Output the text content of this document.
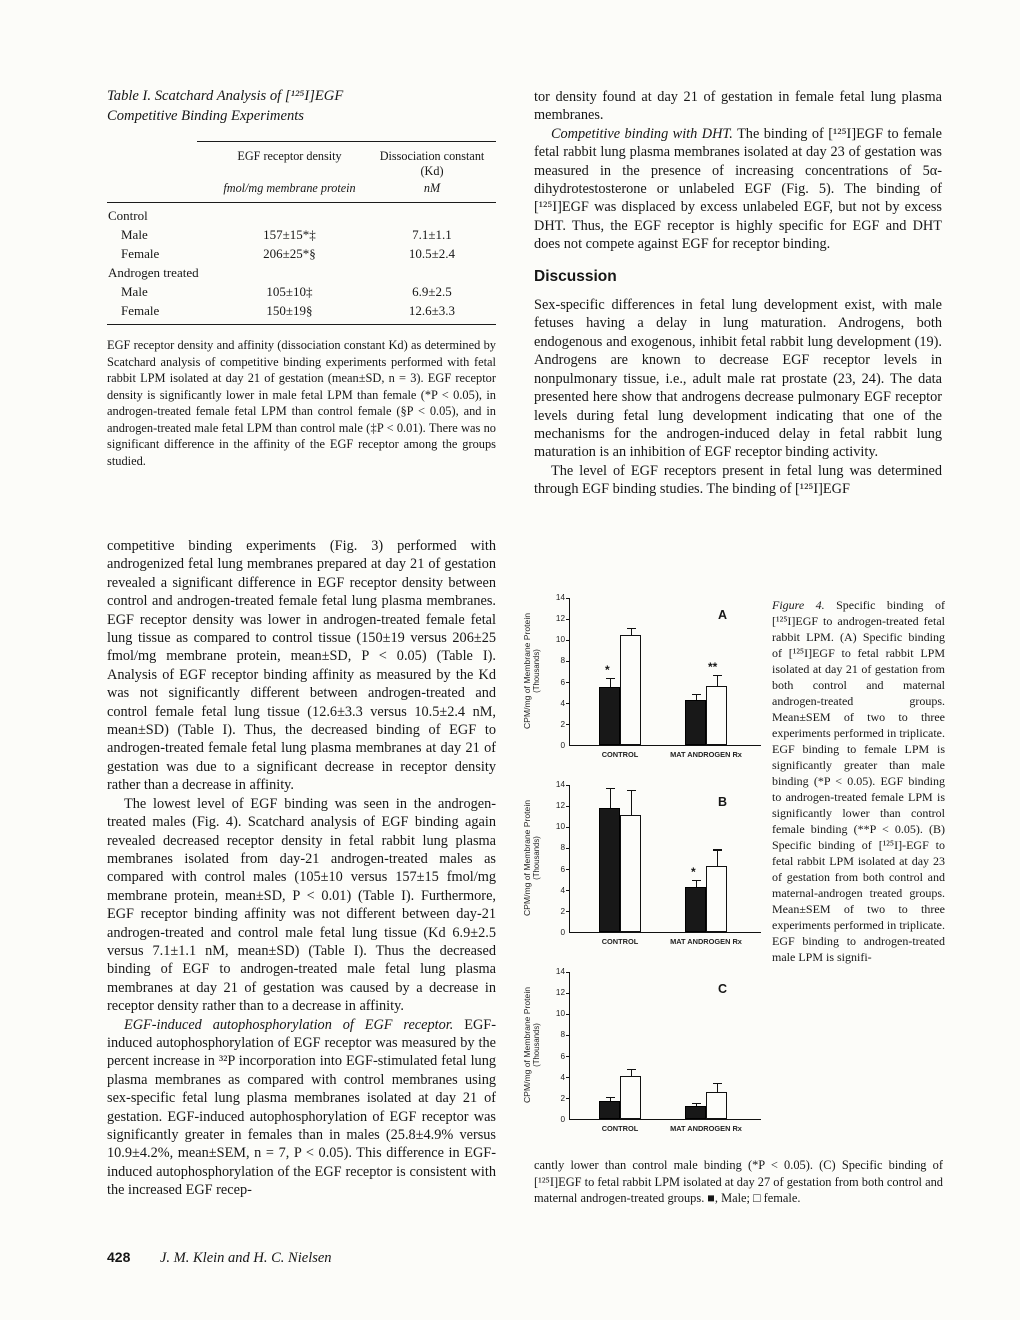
Table I. Scatchard Analysis of [¹²⁵I]EGF
Competitive Binding Experiments
EGF receptor density	Dissociation constant (Kd)
fmol/mg membrane protein	nM
Control
Male	157±15*‡	7.1±1.1
Female	206±25*§	10.5±2.4
Androgen treated
Male	105±10‡	6.9±2.5
Female	150±19§	12.6±3.3

EGF receptor density and affinity (dissociation constant Kd) as determined by Scatchard analysis of competitive binding experiments performed with fetal rabbit LPM isolated at day 21 of gestation (mean±SD, n = 3). EGF receptor density is significantly lower in male fetal LPM than female (*P < 0.05), in androgen-treated female fetal LPM than control female (§P < 0.05), and in androgen-treated male fetal LPM than control male (‡P < 0.01). There was no significant difference in the affinity of the EGF receptor among the groups studied.

competitive binding experiments (Fig. 3) performed with androgenized fetal lung membranes prepared at day 21 of gestation revealed a significant difference in EGF receptor density between control and androgen-treated female fetal lung plasma membranes. EGF receptor density was lower in androgen-treated female fetal lung tissue as compared to control tissue (150±19 versus 206±25 fmol/mg membrane protein, mean±SD, P < 0.05) (Table I). Analysis of EGF receptor binding affinity as measured by the Kd was not significantly different between androgen-treated and control female fetal lung tissue (12.6±3.3 versus 10.5±2.4 nM, mean±SD) (Table I). Thus, the decreased binding of EGF to androgen-treated female fetal lung plasma membranes at day 21 of gestation was due to a significant decrease in receptor density rather than a decrease in affinity.

The lowest level of EGF binding was seen in the androgen-treated males (Fig. 4). Scatchard analysis of EGF binding again revealed decreased receptor density in fetal rabbit lung plasma membranes isolated from day-21 androgen-treated males as compared with control males (105±10 versus 157±15 fmol/mg membrane protein, mean±SD, P < 0.01) (Table I). Furthermore, EGF receptor binding affinity was not different between day-21 androgen-treated and control male fetal lung tissue (Kd 6.9±2.5 versus 7.1±1.1 nM, mean±SD) (Table I). Thus the decreased binding of EGF to androgen-treated male fetal lung plasma membranes at day 21 of gestation was caused by a decrease in receptor density rather than to a decrease in affinity.

EGF-induced autophosphorylation of EGF receptor. EGF-induced autophosphorylation of EGF receptor was measured by the percent increase in ³²P incorporation into EGF-stimulated fetal lung plasma membranes as compared with control membranes using sex-specific fetal lung plasma membranes isolated at day 21 of gestation. EGF-induced autophosphorylation of EGF receptor was significantly greater in females than in males (25.8±4.9% versus 10.9±4.2%, mean±SEM, n = 7, P < 0.05). This difference in EGF-induced autophosphorylation of the EGF receptor is consistent with the increased EGF recep-

tor density found at day 21 of gestation in female fetal lung plasma membranes.

Competitive binding with DHT. The binding of [¹²⁵I]EGF to female fetal rabbit lung plasma membranes isolated at day 23 of gestation was measured in the presence of increasing concentrations of 5α-dihydrotestosterone or unlabeled EGF (Fig. 5). The binding of [¹²⁵I]EGF was displaced by excess unlabeled EGF, but not by excess DHT. Thus, the EGF receptor is highly specific for EGF and DHT does not compete against EGF for receptor binding.

Discussion

Sex-specific differences in fetal lung development exist, with male fetuses having a delay in lung maturation. Androgens, both endogenous and exogenous, inhibit fetal rabbit lung development (19). Androgens are known to decrease EGF receptor levels in nonpulmonary tissue, i.e., adult male rat prostate (23, 24). The data presented here show that androgens decrease pulmonary EGF receptor levels during fetal lung development indicating that one of the mechanisms for the androgen-induced delay in fetal rabbit lung maturation is an inhibition of EGF receptor binding activity.

The level of EGF receptors present in fetal lung was determined through EGF binding studies. The binding of [¹²⁵I]EGF

CPM/mg of Membrane Protein (Thousands)
A
0
2
4
6
8
10
12
14
CONTROL
*
MAT ANDROGEN Rx
**
CPM/mg of Membrane Protein (Thousands)
B
0
2
4
6
8
10
12
14
CONTROL	MAT ANDROGEN Rx
*
CPM/mg of Membrane Protein (Thousands)
C
0
2
4
6
8
10
12
14
CONTROL	MAT ANDROGEN Rx
Figure 4. Specific binding of [¹²⁵I]EGF to androgen-treated fetal rabbit LPM. (A) Specific binding of [¹²⁵I]EGF to fetal rabbit LPM isolated at day 21 of gestation from both control and maternal androgen-treated groups. Mean±SEM of two to three experiments performed in triplicate. EGF binding to female LPM is significantly greater than male binding (*P < 0.05). EGF binding to androgen-treated female LPM is significantly lower than control female binding (**P < 0.05). (B) Specific binding of [¹²⁵I]-EGF to fetal rabbit LPM isolated at day 23 of gestation from both control and maternal-androgen treated groups. Mean±SEM of two to three experiments performed in triplicate. EGF binding to androgen-treated male LPM is signifi-
cantly lower than control male binding (*P < 0.05). (C) Specific binding of [¹²⁵I]EGF to fetal rabbit LPM isolated at day 27 of gestation from both control and maternal androgen-treated groups. ■, Male; □ female.
428 J. M. Klein and H. C. Nielsen
